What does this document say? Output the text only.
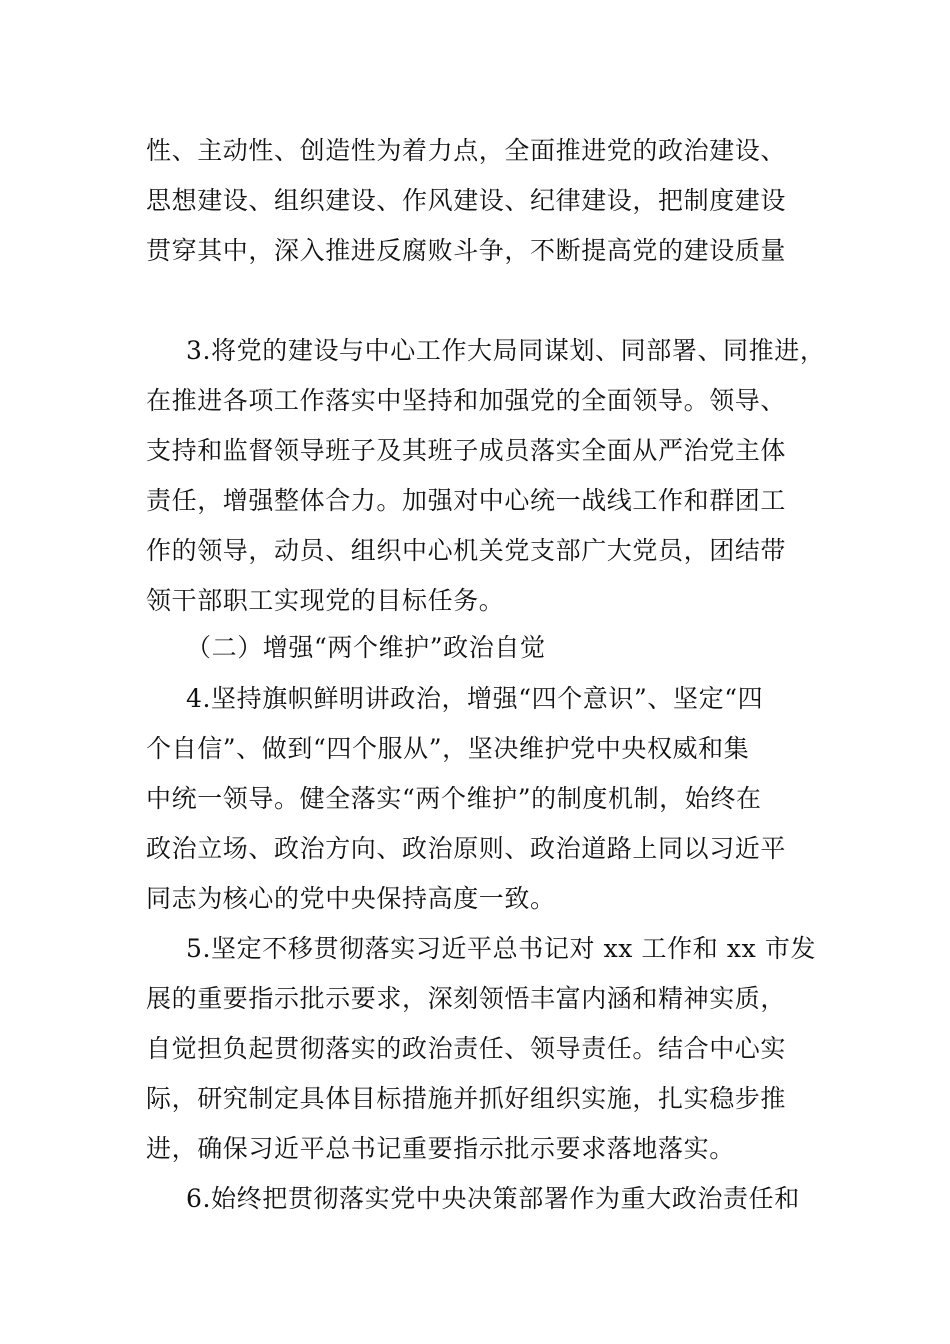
性、主动性、创造性为着力点，全面推进党的政治建设、
思想建设、组织建设、作风建设、纪律建设，把制度建设
贯穿其中，深入推进反腐败斗争，不断提高党的建设质量
3.将党的建设与中心工作大局同谋划、同部署、同推进，
在推进各项工作落实中坚持和加强党的全面领导。领导、
支持和监督领导班子及其班子成员落实全面从严治党主体
责任，增强整体合力。加强对中心统一战线工作和群团工
作的领导，动员、组织中心机关党支部广大党员，团结带
领干部职工实现党的目标任务。
（二）增强“两个维护”政治自觉
4.坚持旗帜鲜明讲政治，增强“四个意识”、坚定“四
个自信”、做到“四个服从”，坚决维护党中央权威和集
中统一领导。健全落实“两个维护”的制度机制，始终在
政治立场、政治方向、政治原则、政治道路上同以习近平
同志为核心的党中央保持高度一致。
5.坚定不移贯彻落实习近平总书记对 xx 工作和 xx 市发
展的重要指示批示要求，深刻领悟丰富内涵和精神实质，
自觉担负起贯彻落实的政治责任、领导责任。结合中心实
际，研究制定具体目标措施并抓好组织实施，扎实稳步推
进，确保习近平总书记重要指示批示要求落地落实。
6.始终把贯彻落实党中央决策部署作为重大政治责任和
